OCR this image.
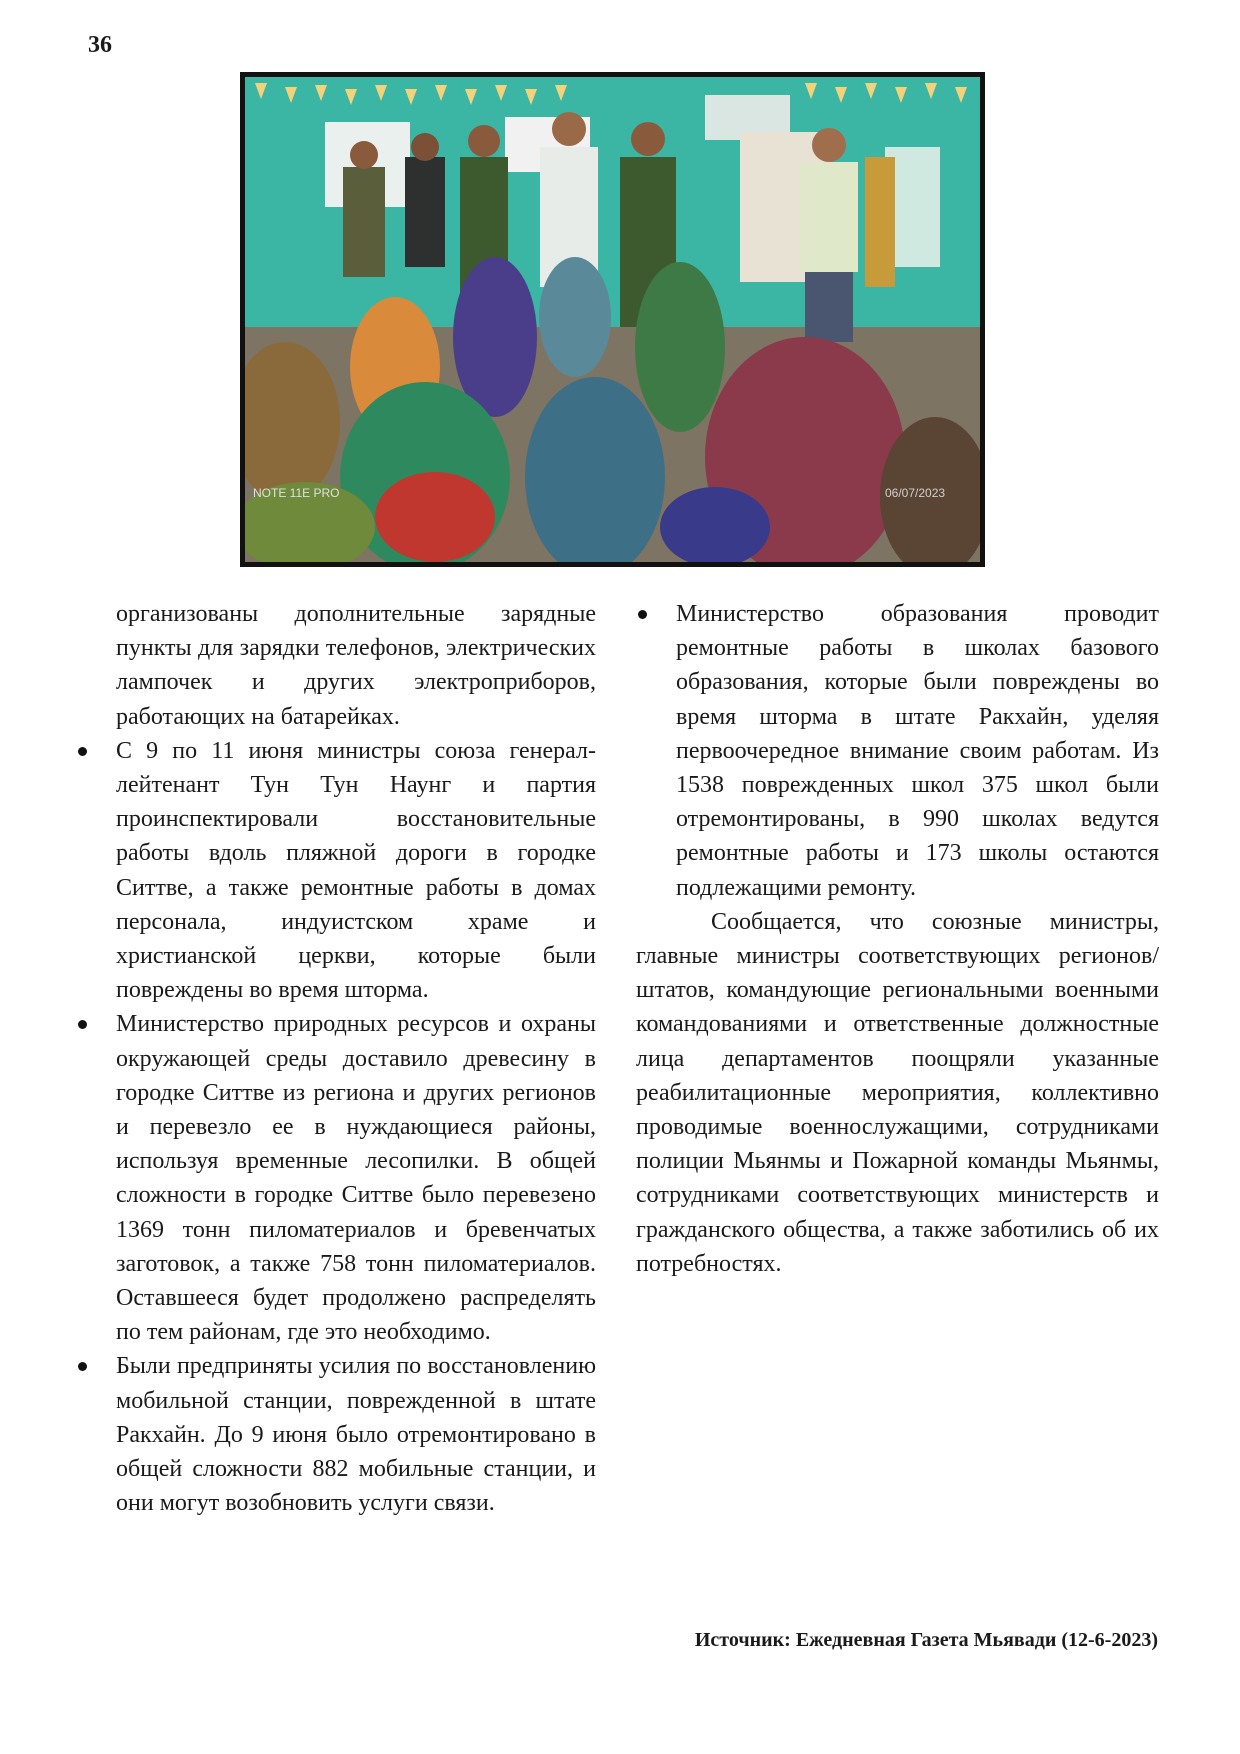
36
NOTE 11E PRO	06/07/2023

организованы дополнительные зарядные пункты для зарядки телефонов, электрических лампочек и других электроприборов, работающих на батарейках.

С 9 по 11 июня министры союза генерал-лейтенант Тун Тун Наунг и партия проинспектировали восстановительные работы вдоль пляжной дороги в городке Ситтве, а также ремонтные работы в домах персонала, индуистском храме и христианской церкви, которые были повреждены во время шторма.
Министерство природных ресурсов и охраны окружающей среды доставило древесину в городке Ситтве из региона и других регионов и перевезло ее в нуждающиеся районы, используя временные лесопилки. В общей сложности в городке Ситтве было перевезено 1369 тонн пиломатериалов и бревенчатых заготовок, а также 758 тонн пиломатериалов. Оставшееся будет продолжено распределять по тем районам, где это необходимо.
Были предприняты усилия по восстановлению мобильной станции, поврежденной в штате Ракхайн. До 9 июня было отремонтировано в общей сложности 882 мобильные станции, и они могут возобновить услуги связи.
Министерство образования проводит ремонтные работы в школах базового образования, которые были повреждены во время шторма в штате Ракхайн, уделяя первоочередное внимание своим работам. Из 1538 поврежденных школ 375 школ были отремонтированы, в 990 школах ведутся ремонтные работы и 173 школы остаются подлежащими ремонту.

Сообщается, что союзные министры, главные министры соответствующих регионов/штатов, командующие региональными военными командованиями и ответственные должностные лица департаментов поощряли указанные реабилитационные мероприятия, коллективно проводимые военнослужащими, сотрудниками полиции Мьянмы и Пожарной команды Мьянмы, сотрудниками соответствующих министерств и гражданского общества, а также заботились об их потребностях.

Источник: Ежедневная Газета Мьявади (12-6-2023)
